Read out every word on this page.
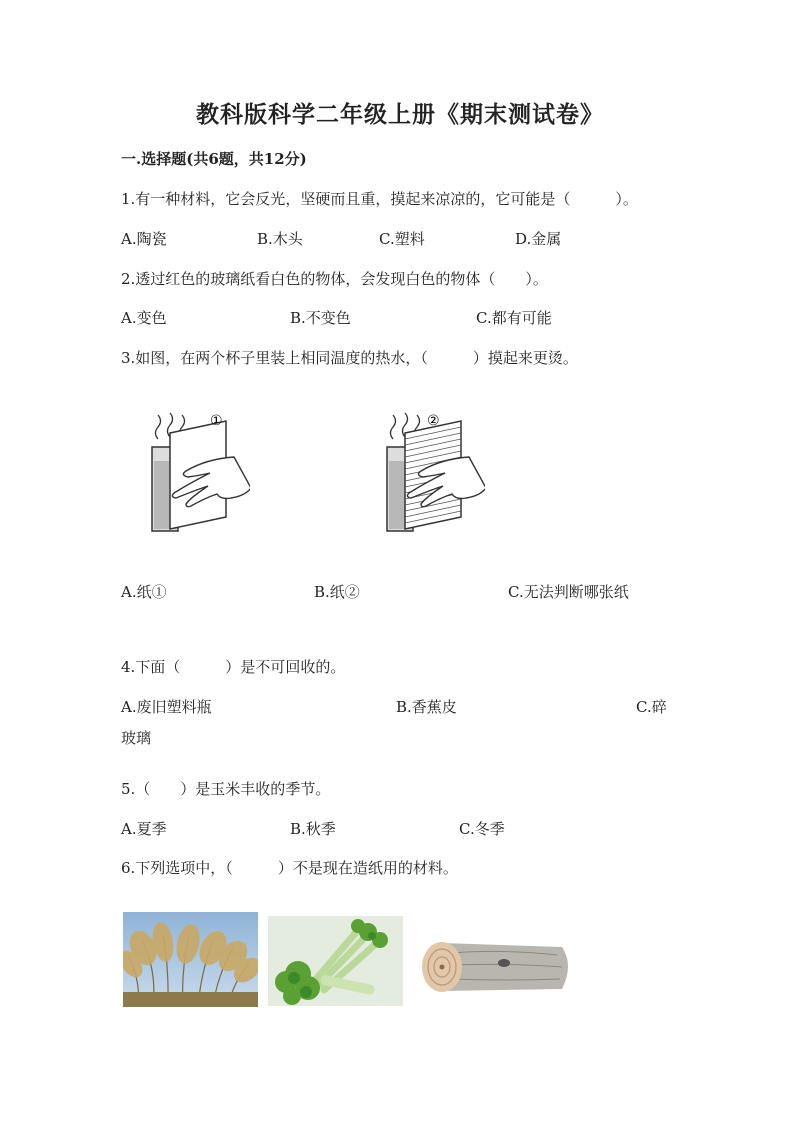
教科版科学二年级上册《期末测试卷》
一.选择题(共6题，共12分)
1.有一种材料，它会反光，坚硬而且重，摸起来凉凉的，它可能是（　　　）。
A.陶瓷	B.木头	C.塑料	D.金属
2.透过红色的玻璃纸看白色的物体，会发现白色的物体（　　）。
A.变色	B.不变色	C.都有可能
3.如图，在两个杯子里装上相同温度的热水，（　　　）摸起来更烫。
①	②
A.纸①	B.纸②	C.无法判断哪张纸
4.下面（　　　）是不可回收的。
A.废旧塑料瓶	B.香蕉皮	C.碎
玻璃
5.（　　）是玉米丰收的季节。
A.夏季	B.秋季	C.冬季
6.下列选项中，（　　　）不是现在造纸用的材料。
